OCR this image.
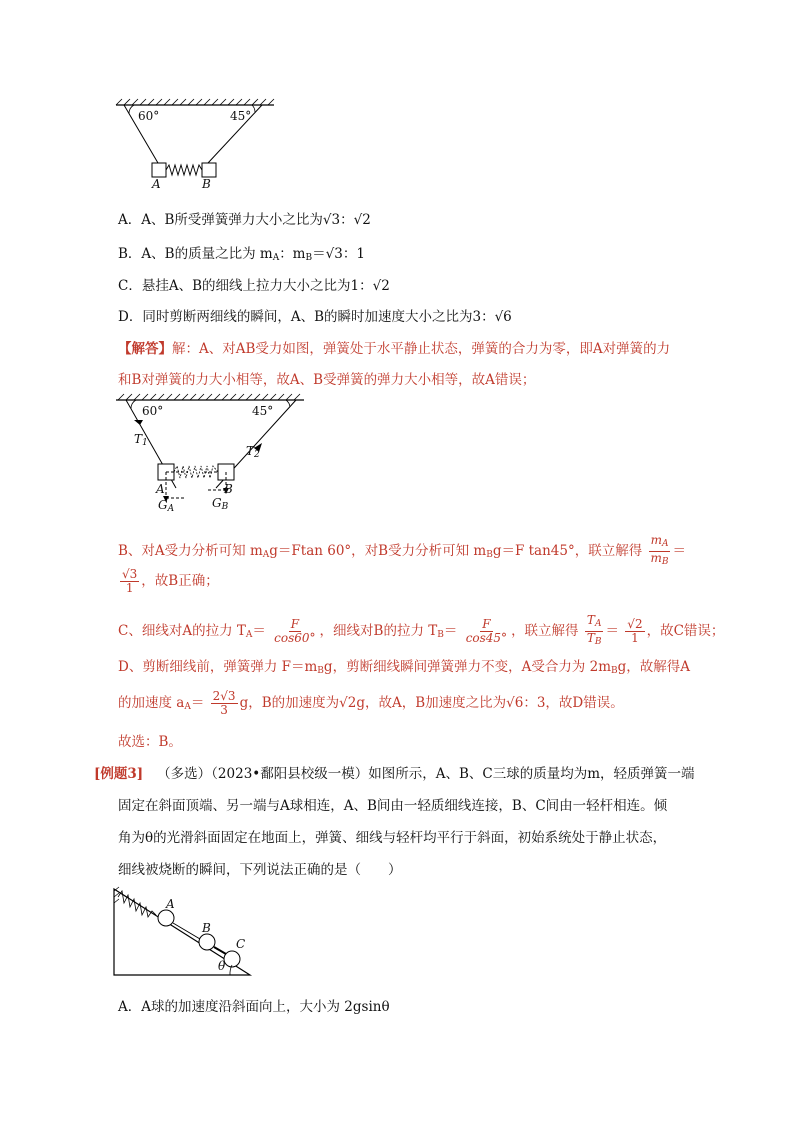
60°	45°
A	B
A．A、B所受弹簧弹力大小之比为√3：√2
B．A、B的质量之比为 $m_A$：$m_B=√3$：1
C．悬挂A、B的细线上拉力大小之比为1：√2
D．同时剪断两细线的瞬间，A、B的瞬时加速度大小之比为3：√6
【解答】解：A、对AB受力如图，弹簧处于水平静止状态，弹簧的合力为零，即A对弹簧的力
和B对弹簧的力大小相等，故A、B受弹簧的弹力大小相等，故A错误；
60°	45°
$T_1$
$T_2$
A	B
$G_A$	$G_B$
B、对A受力分析可知 $m_Ag=Ftan$ 60°，对B受力分析可知 $m_Bg=F$ tan45°，联立解得 $\frac{m_A}{m_B}$ ＝
$\frac{√3}{1}$ ，故B正确；
C、细线对A的拉力 $T_A= \frac{F}{\cos 60^\circ}$ ，细线对B的拉力 $T_B= \frac{F}{\cos 45^\circ}$ ，联立解得 $\frac{T_A}{T_B} = \frac{√2}{1}$ ，故C错误；
D、剪断细线前，弹簧弹力 $F=m_Bg$，剪断细线瞬间弹簧弹力不变，A受合力为 $2m_Bg$，故解得A
的加速度 $a_A= \frac{2√3}{3}$ g，B的加速度为√2g，故A，B加速度之比为√6：3，故D错误。
故选：B。
[例题3] （多选）（2023•鄱阳县校级一模）如图所示，A、B、C三球的质量均为m，轻质弹簧一端
固定在斜面顶端、另一端与A球相连，A、B间由一轻质细线连接，B、C间由一轻杆相连。倾
角为θ的光滑斜面固定在地面上，弹簧、细线与轻杆均平行于斜面，初始系统处于静止状态，
细线被烧断的瞬间，下列说法正确的是（　　）
A
B
C
θ
A．A球的加速度沿斜面向上，大小为 2gsinθ
